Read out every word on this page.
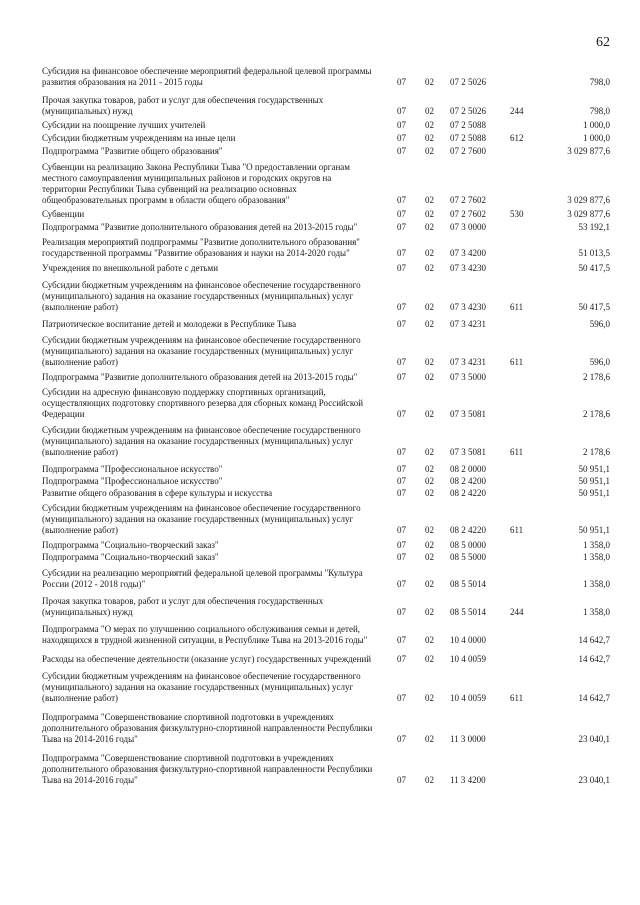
62
Субсидия на финансовое обеспечение мероприятий федеральной целевой программы развития образования на 2011 - 2015 годы	07 02 07 2 5026	798,0
Прочая закупка товаров, работ и услуг для обеспечения государственных (муниципальных) нужд	07 02 07 2 5026	244	798,0
Субсидии на поощрение лучших учителей	07 02 07 2 5088	1 000,0
Субсидии бюджетным учреждениям на иные цели	07 02 07 2 5088	612	1 000,0
Подпрограмма "Развитие общего образования"	07 02 07 2 7600	3 029 877,6
Субвенции на реализацию Закона Республики Тыва "О предоставлении органам местного самоуправления муниципальных районов и городских округов на территории Республики Тыва субвенций на реализацию основных общеобразовательных программ в области общего образования"	07 02 07 2 7602	3 029 877,6
Субвенции	07 02 07 2 7602	530	3 029 877,6
Подпрограмма "Развитие дополнительного образования детей на 2013-2015 годы"	07 02 07 3 0000	53 192,1
Реализация мероприятий подпрограммы "Развитие дополнительного образования" государственной программы "Развитие образования и науки на 2014-2020 годы"	07 02 07 3 4200	51 013,5
Учреждения по внешкольной работе с детьми	07 02 07 3 4230	50 417,5
Субсидии бюджетным учреждениям на финансовое обеспечение государственного (муниципального) задания на оказание государственных (муниципальных) услуг (выполнение работ)	07 02 07 3 4230	611	50 417,5
Патриотическое воспитание детей и молодежи в Республике Тыва	07 02 07 3 4231	596,0
Субсидии бюджетным учреждениям на финансовое обеспечение государственного (муниципального) задания на оказание государственных (муниципальных) услуг (выполнение работ)	07 02 07 3 4231	611	596,0
Подпрограмма "Развитие дополнительного образования детей на 2013-2015 годы"	07 02 07 3 5000	2 178,6
Субсидии на адресную финансовую поддержку спортивных организаций, осуществляющих подготовку спортивного резерва для сборных команд Российской Федерации	07 02 07 3 5081	2 178,6
Субсидии бюджетным учреждениям на финансовое обеспечение государственного (муниципального) задания на оказание государственных (муниципальных) услуг (выполнение работ)	07 02 07 3 5081	611	2 178,6
Подпрограмма "Профессиональное искусство"	07 02 08 2 0000	50 951,1
Подпрограмма "Профессиональное искусство"	07 02 08 2 4200	50 951,1
Развитие общего образования в сфере культуры и искусства	07 02 08 2 4220	50 951,1
Субсидии бюджетным учреждениям на финансовое обеспечение государственного (муниципального) задания на оказание государственных (муниципальных) услуг (выполнение работ)	07 02 08 2 4220	611	50 951,1
Подпрограмма "Социально-творческий заказ"	07 02 08 5 0000	1 358,0
Подпрограмма "Социально-творческий заказ"	07 02 08 5 5000	1 358,0
Субсидии на реализацию мероприятий федеральной целевой программы "Культура России (2012 - 2018 годы)"	07 02 08 5 5014	1 358,0
Прочая закупка товаров, работ и услуг для обеспечения государственных (муниципальных) нужд	07 02 08 5 5014	244	1 358,0
Подпрограмма "О мерах по улучшению социального обслуживания семьи и детей, находящихся в трудной жизненной ситуации, в Республике Тыва на 2013-2016 годы"	07 02 10 4 0000	14 642,7
Расходы на обеспечение деятельности (оказание услуг) государственных учреждений	07 02 10 4 0059	14 642,7
Субсидии бюджетным учреждениям на финансовое обеспечение государственного (муниципального) задания на оказание государственных (муниципальных) услуг (выполнение работ)	07 02 10 4 0059	611	14 642,7
Подпрограмма "Совершенствование спортивной подготовки в учреждениях дополнительного образования физкультурно-спортивной направленности Республики Тыва на 2014-2016 годы"	07 02 11 3 0000	23 040,1
Подпрограмма "Совершенствование спортивной подготовки в учреждениях дополнительного образования физкультурно-спортивной направленности Республики Тыва на 2014-2016 годы"	07 02 11 3 4200	23 040,1
